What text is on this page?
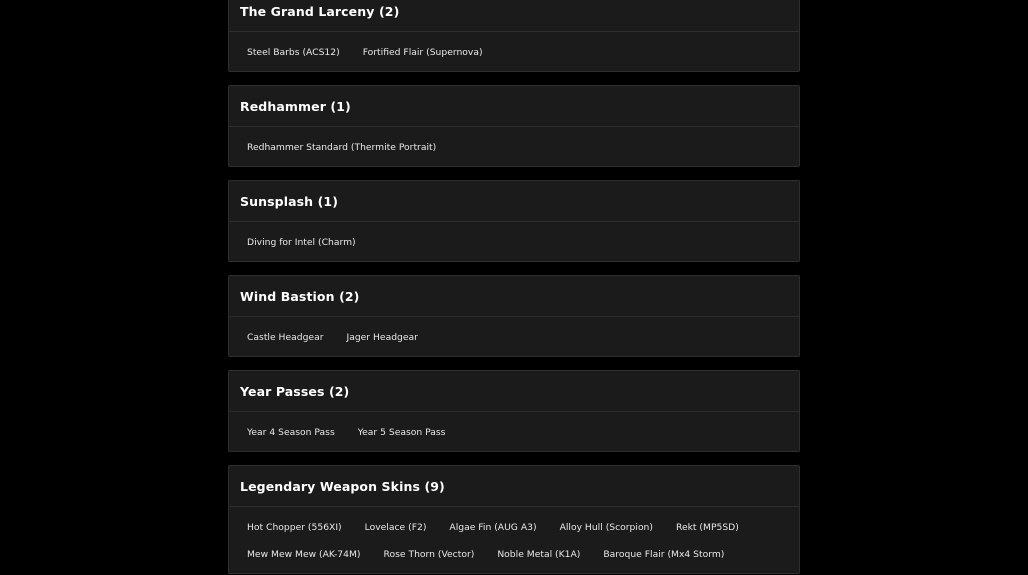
The Grand Larceny (2)
Steel Barbs (ACS12)	Fortified Flair (Supernova)
Redhammer (1)
Redhammer Standard (Thermite Portrait)
Sunsplash (1)
Diving for Intel (Charm)
Wind Bastion (2)
Castle Headgear	Jager Headgear
Year Passes (2)
Year 4 Season Pass	Year 5 Season Pass
Legendary Weapon Skins (9)
Hot Chopper (556XI)	Lovelace (F2)	Algae Fin (AUG A3)	Alloy Hull (Scorpion)	Rekt (MP5SD)
Mew Mew Mew (AK-74M)	Rose Thorn (Vector)	Noble Metal (K1A)	Baroque Flair (Mx4 Storm)
